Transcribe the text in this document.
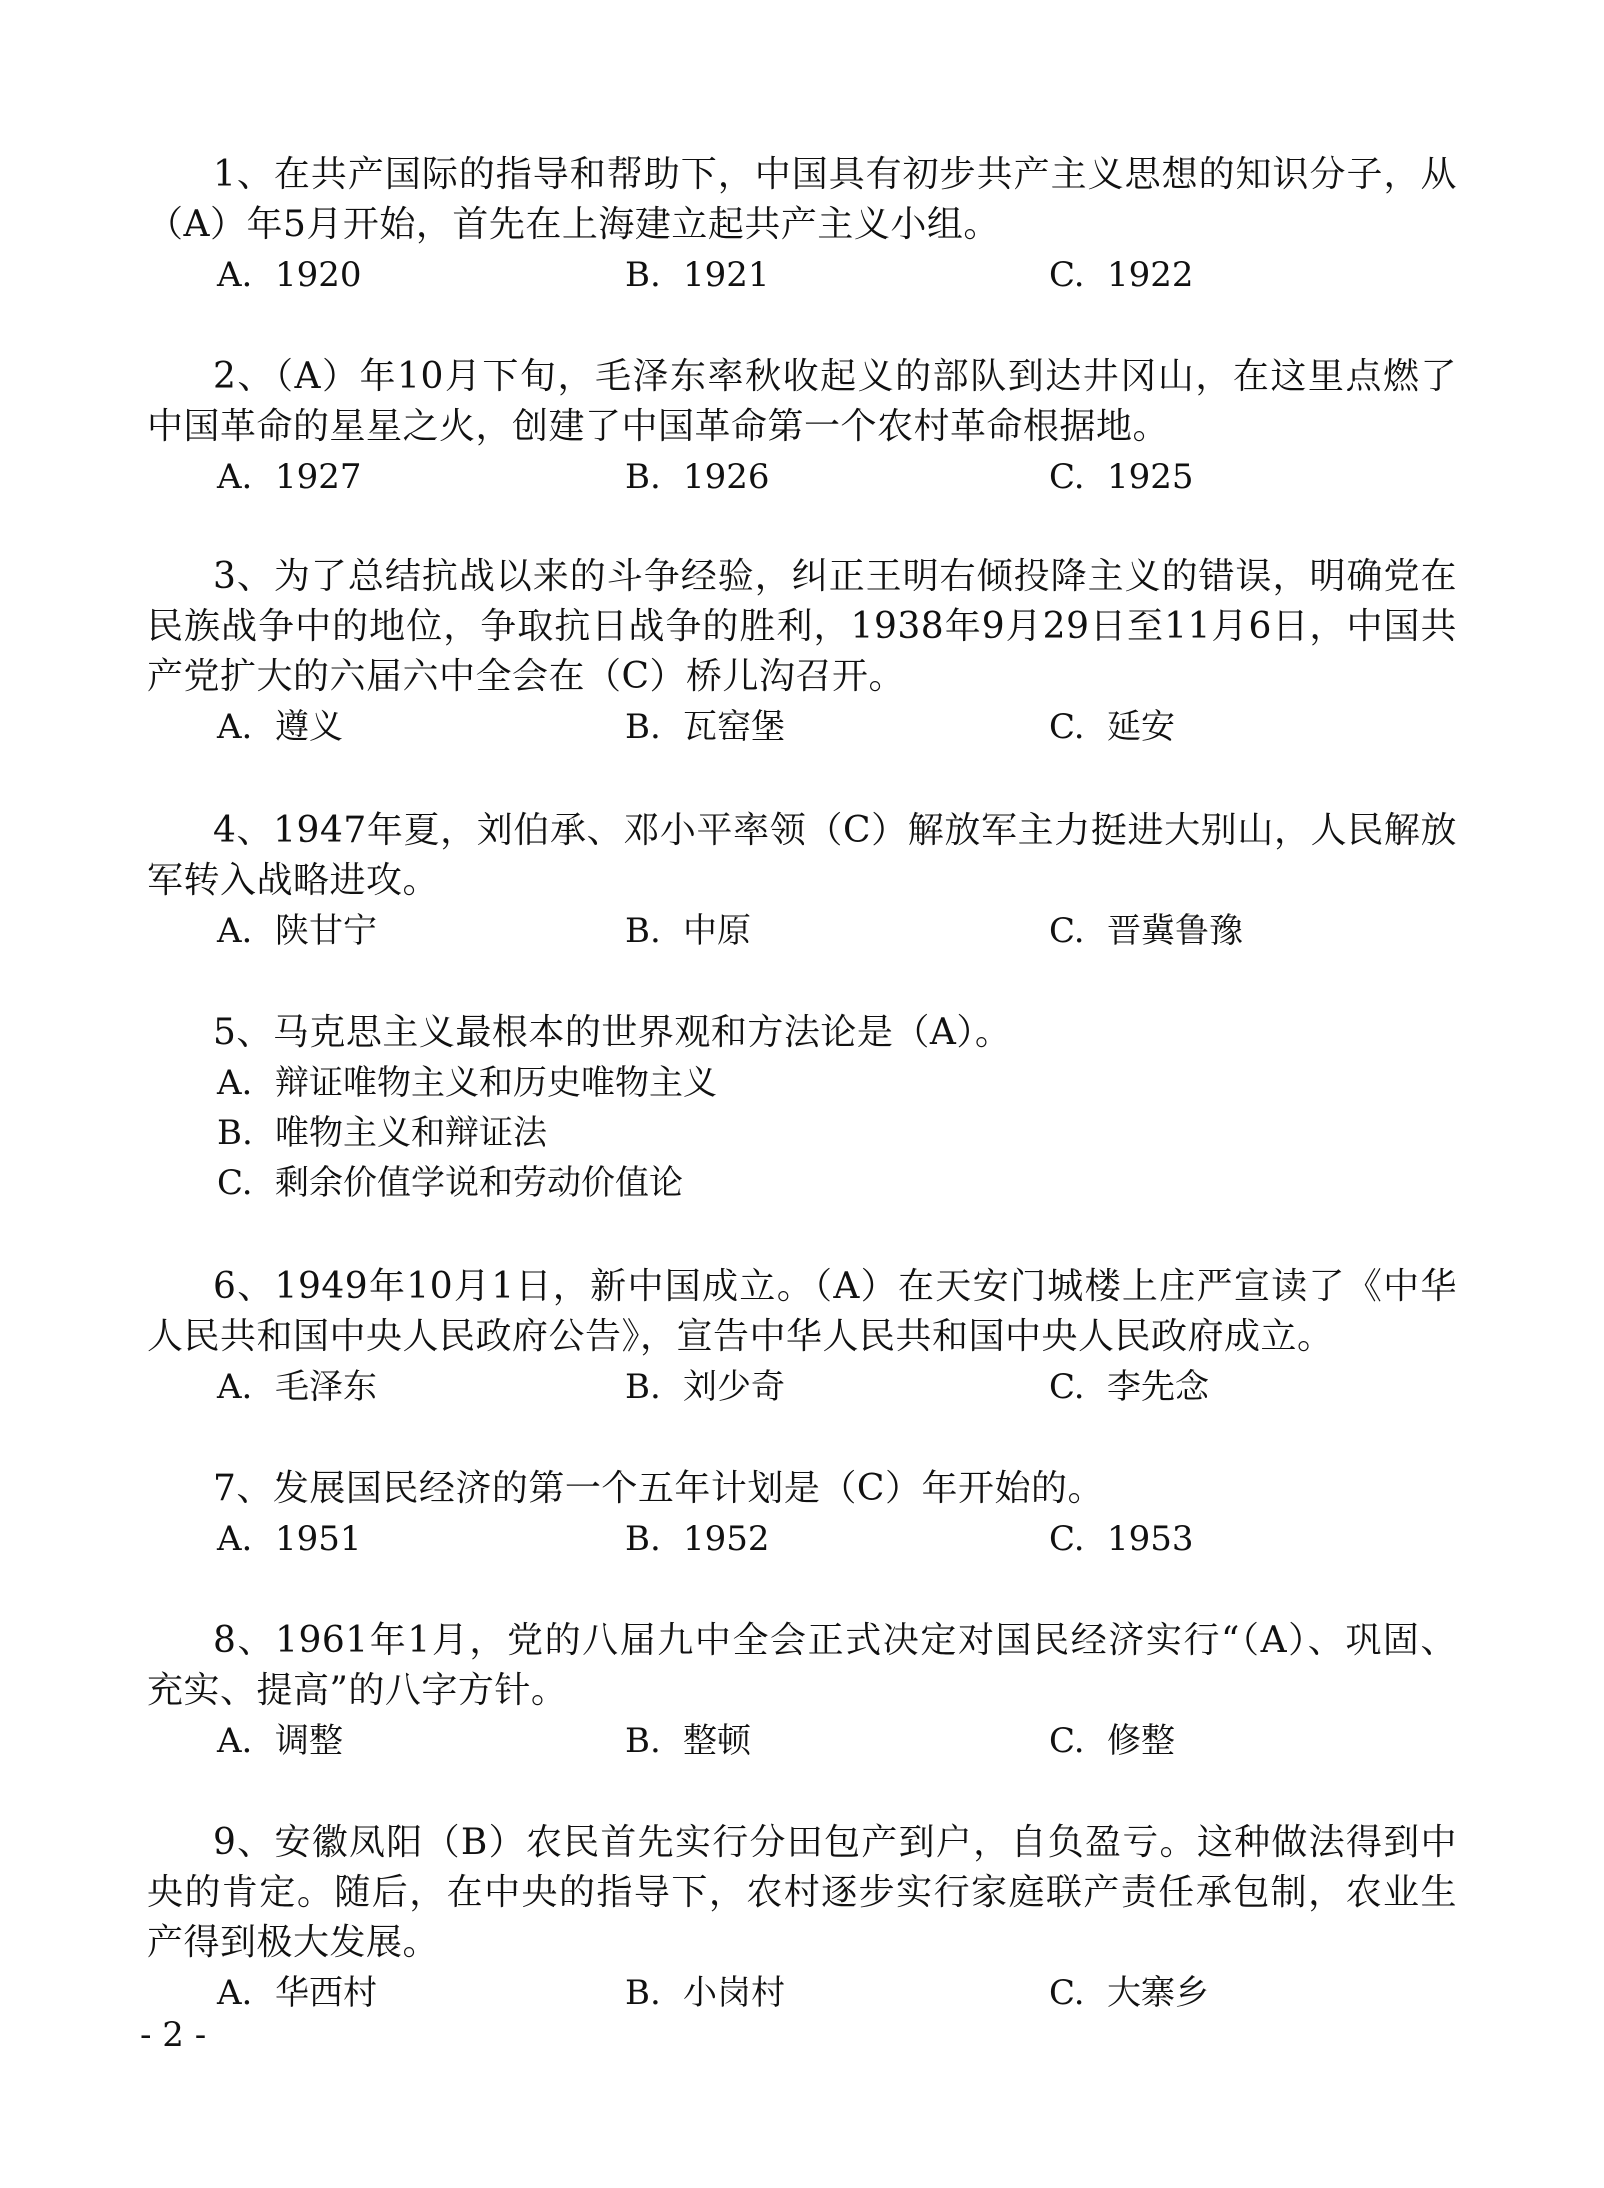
1、在共产国际的指导和帮助下，中国具有初步共产主义思想的知识分子，从（A）年5月开始，首先在上海建立起共产主义小组。

A. 1920	B. 1921	C. 1922

2、（A）年10月下旬，毛泽东率秋收起义的部队到达井冈山，在这里点燃了中国革命的星星之火，创建了中国革命第一个农村革命根据地。

A. 1927	B. 1926	C. 1925

3、为了总结抗战以来的斗争经验，纠正王明右倾投降主义的错误，明确党在民族战争中的地位，争取抗日战争的胜利，1938年9月29日至11月6日，中国共产党扩大的六届六中全会在（C）桥儿沟召开。

A. 遵义	B. 瓦窑堡	C. 延安

4、1947年夏，刘伯承、邓小平率领（C）解放军主力挺进大别山，人民解放军转入战略进攻。

A. 陕甘宁	B. 中原	C. 晋冀鲁豫

5、马克思主义最根本的世界观和方法论是（A）。

A. 辩证唯物主义和历史唯物主义
B. 唯物主义和辩证法
C. 剩余价值学说和劳动价值论

6、1949年10月1日，新中国成立。（A）在天安门城楼上庄严宣读了《中华人民共和国中央人民政府公告》，宣告中华人民共和国中央人民政府成立。

A. 毛泽东	B. 刘少奇	C. 李先念

7、发展国民经济的第一个五年计划是（C）年开始的。

A. 1951	B. 1952	C. 1953

8、1961年1月，党的八届九中全会正式决定对国民经济实行“（A）、巩固、充实、提高”的八字方针。

A. 调整	B. 整顿	C. 修整

9、安徽凤阳（B）农民首先实行分田包产到户，自负盈亏。这种做法得到中央的肯定。随后，在中央的指导下，农村逐步实行家庭联产责任承包制，农业生产得到极大发展。

A. 华西村	B. 小岗村	C. 大寨乡
- 2 -
